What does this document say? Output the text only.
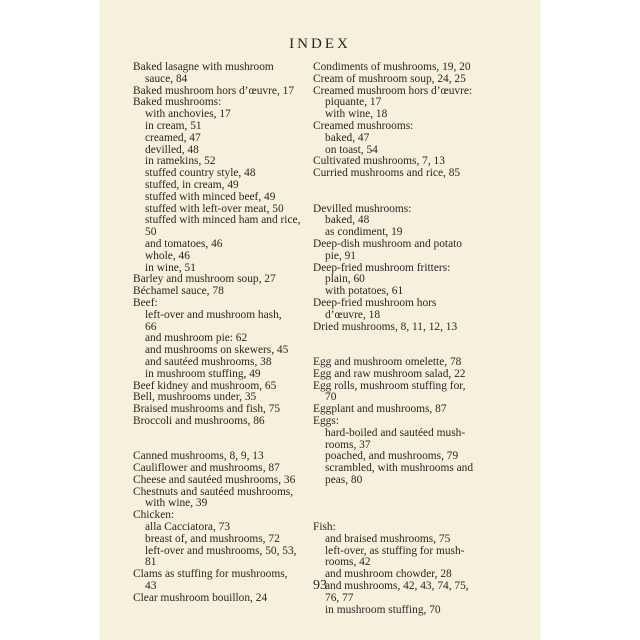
INDEX
Baked lasagne with mushroom
sauce, 84
Baked mushroom hors d’œuvre, 17
Baked mushrooms:
with anchovies, 17
in cream, 51
creamed, 47
devilled, 48
in ramekins, 52
stuffed country style, 48
stuffed, in cream, 49
stuffed with minced beef, 49
stuffed with left-over meat, 50
stuffed with minced ham and rice,
50
and tomatoes, 46
whole, 46
in wine, 51
Barley and mushroom soup, 27
Béchamel sauce, 78
Beef:
left-over and mushroom hash,
66
and mushroom pie: 62
and mushrooms on skewers, 45
and sautéed mushrooms, 38
in mushroom stuffing, 49
Beef kidney and mushroom, 65
Bell, mushrooms under, 35
Braised mushrooms and fish, 75
Broccoli and mushrooms, 86
Canned mushrooms, 8, 9, 13
Cauliflower and mushrooms, 87
Cheese and sautéed mushrooms, 36
Chestnuts and sautéed mushrooms,
with wine, 39
Chicken:
alla Cacciatora, 73
breast of, and mushrooms, 72
left-over and mushrooms, 50, 53,
81
Clams as stuffing for mushrooms,
43
Clear mushroom bouillon, 24
Condiments of mushrooms, 19, 20
Cream of mushroom soup, 24, 25
Creamed mushroom hors d’œuvre:
piquante, 17
with wine, 18
Creamed mushrooms:
baked, 47
on toast, 54
Cultivated mushrooms, 7, 13
Curried mushrooms and rice, 85
Devilled mushrooms:
baked, 48
as condiment, 19
Deep-dish mushroom and potato
pie, 91
Deep-fried mushroom fritters:
plain, 60
with potatoes, 61
Deep-fried mushroom hors
d’œuvre, 18
Dried mushrooms, 8, 11, 12, 13
Egg and mushroom omelette, 78
Egg and raw mushroom salad, 22
Egg rolls, mushroom stuffing for,
70
Eggplant and mushrooms, 87
Eggs:
hard-boiled and sautéed mush-
rooms, 37
poached, and mushrooms, 79
scrambled, with mushrooms and
peas, 80
Fish:
and braised mushrooms, 75
left-over, as stuffing for mush-
rooms, 42
and mushroom chowder, 28
and mushrooms, 42, 43, 74, 75,
76, 77
in mushroom stuffing, 70
93
